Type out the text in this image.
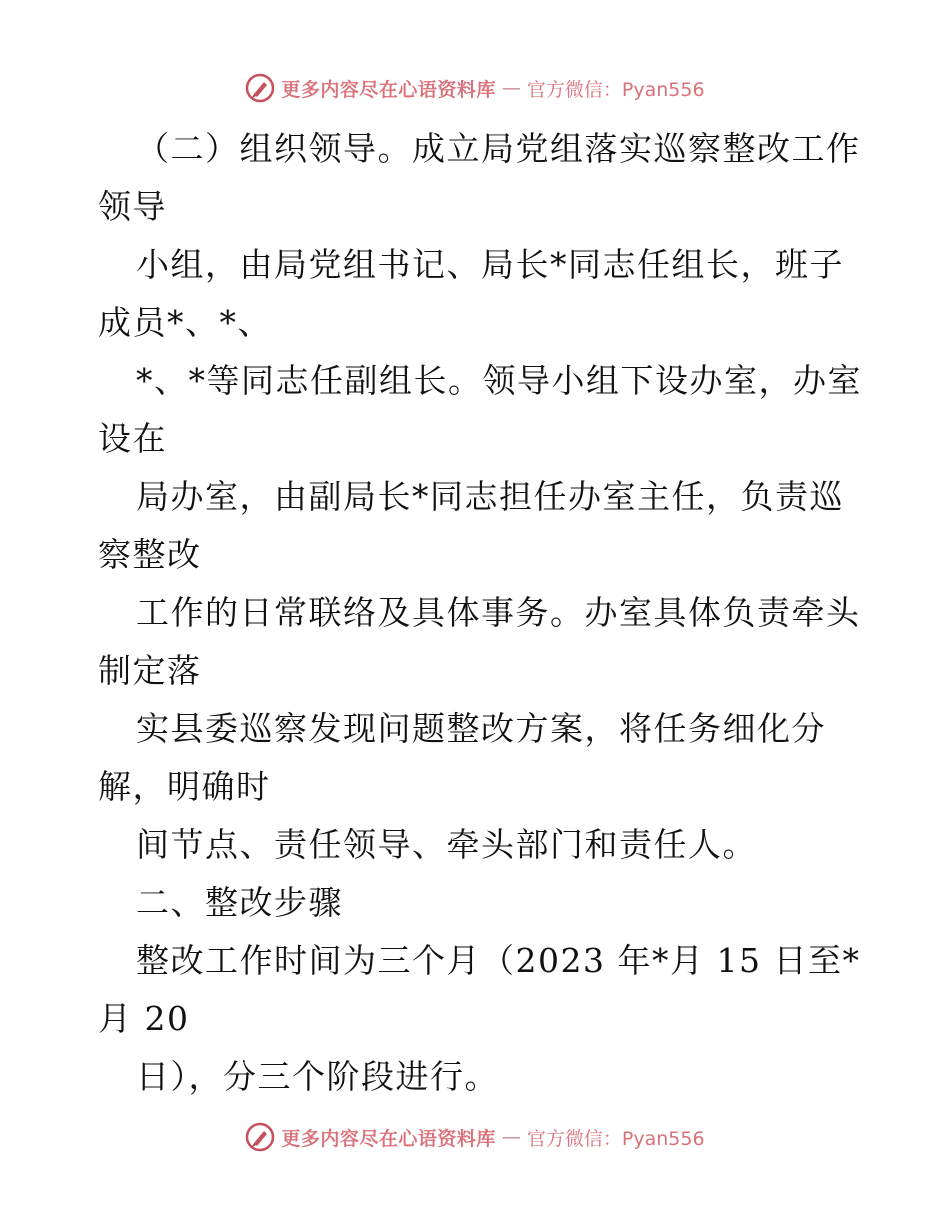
更多内容尽在心语资料库 — 官方微信：Pyan556
（二）组织领导。成立局党组落实巡察整改工作
领导
小组，由局党组书记、局长*同志任组长，班子
成员*、*、
*、*等同志任副组长。领导小组下设办室，办室
设在
局办室，由副局长*同志担任办室主任，负责巡
察整改
工作的日常联络及具体事务。办室具体负责牵头
制定落
实县委巡察发现问题整改方案，将任务细化分
解，明确时
间节点、责任领导、牵头部门和责任人。
二、整改步骤
整改工作时间为三个月（2023 年*月 15 日至*
月 20
日），分三个阶段进行。
更多内容尽在心语资料库 — 官方微信：Pyan556
